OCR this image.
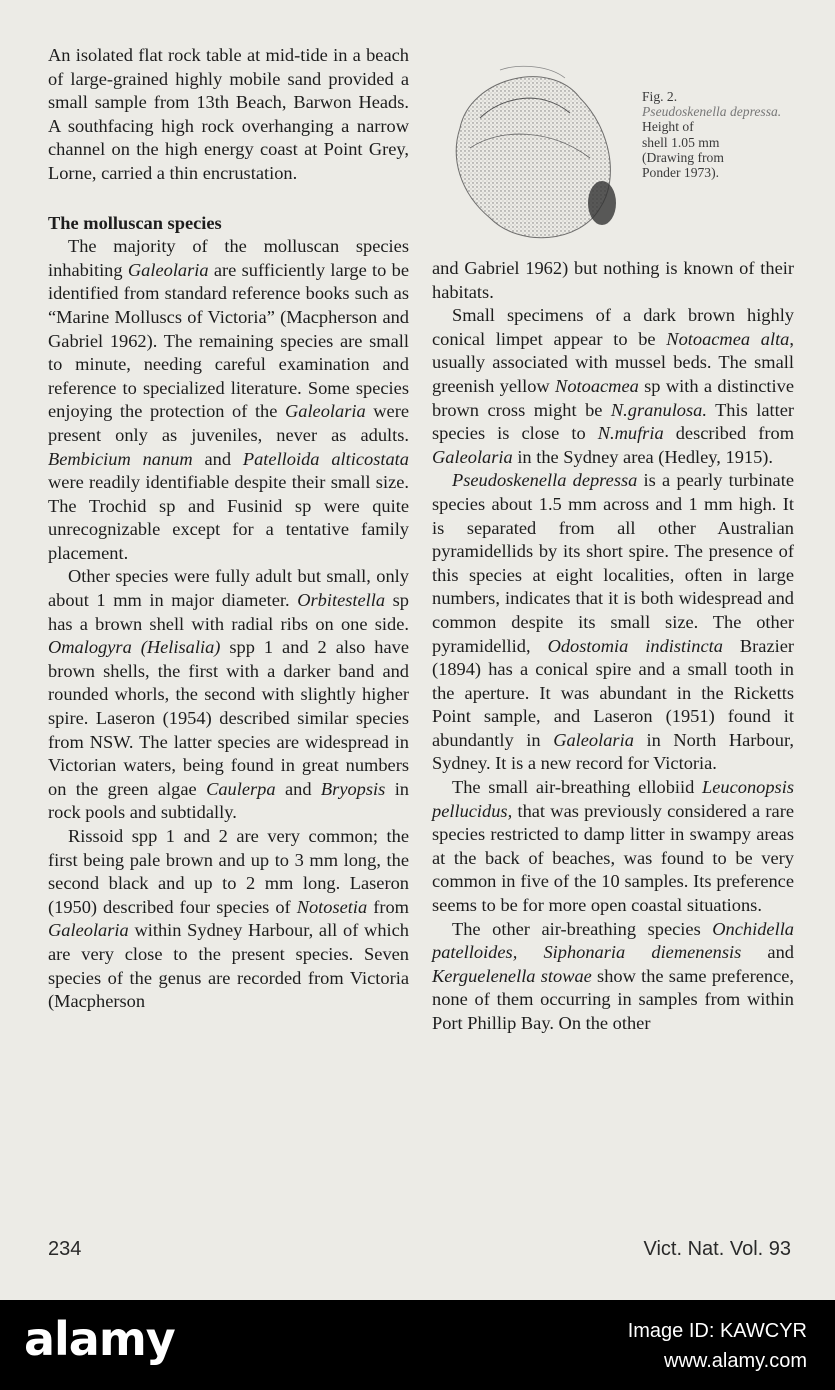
An isolated flat rock table at mid-tide in a beach of large-grained highly mobile sand provided a small sample from 13th Beach, Barwon Heads. A southfacing high rock overhanging a narrow channel on the high energy coast at Point Grey, Lorne, carried a thin encrustation.

The molluscan species

The majority of the molluscan species inhabiting Galeolaria are sufficiently large to be identified from standard reference books such as “Marine Molluscs of Victoria” (Macpherson and Gabriel 1962). The remaining species are small to minute, needing careful examination and reference to specialized literature. Some species enjoying the protection of the Galeolaria were present only as juveniles, never as adults. Bembicium nanum and Patelloida alticostata were readily identifiable despite their small size. The Trochid sp and Fusinid sp were quite unrecognizable except for a tentative family placement.

Other species were fully adult but small, only about 1 mm in major diameter. Orbitestella sp has a brown shell with radial ribs on one side. Omalogyra (Helisalia) spp 1 and 2 also have brown shells, the first with a darker band and rounded whorls, the second with slightly higher spire. Laseron (1954) described similar species from NSW. The latter species are widespread in Victorian waters, being found in great numbers on the green algae Caulerpa and Bryopsis in rock pools and subtidally.

Rissoid spp 1 and 2 are very common; the first being pale brown and up to 3 mm long, the second black and up to 2 mm long. Laseron (1950) described four species of Notosetia from Galeolaria within Sydney Harbour, all of which are very close to the present species. Seven species of the genus are recorded from Victoria (Macpherson

Fig. 2.
Pseudoskenella depressa.
Height of
shell 1.05 mm
(Drawing from
Ponder 1973).

and Gabriel 1962) but nothing is known of their habitats.

Small specimens of a dark brown highly conical limpet appear to be Notoacmea alta, usually associated with mussel beds. The small greenish yellow Notoacmea sp with a distinctive brown cross might be N.granulosa. This latter species is close to N.mufria described from Galeolaria in the Sydney area (Hedley, 1915).

Pseudoskenella depressa is a pearly turbinate species about 1.5 mm across and 1 mm high. It is separated from all other Australian pyramidellids by its short spire. The presence of this species at eight localities, often in large numbers, indicates that it is both widespread and common despite its small size. The other pyramidellid, Odostomia indistincta Brazier (1894) has a conical spire and a small tooth in the aperture. It was abundant in the Ricketts Point sample, and Laseron (1951) found it abundantly in Galeolaria in North Harbour, Sydney. It is a new record for Victoria.

The small air-breathing ellobiid Leuconopsis pellucidus, that was previously considered a rare species restricted to damp litter in swampy areas at the back of beaches, was found to be very common in five of the 10 samples. Its preference seems to be for more open coastal situations.

The other air-breathing species Onchidella patelloides, Siphonaria diemenensis and Kerguelenella stowae show the same preference, none of them occurring in samples from within Port Phillip Bay. On the other

234	Vict. Nat. Vol. 93
alamy	Image ID: KAWCYR
www.alamy.com
